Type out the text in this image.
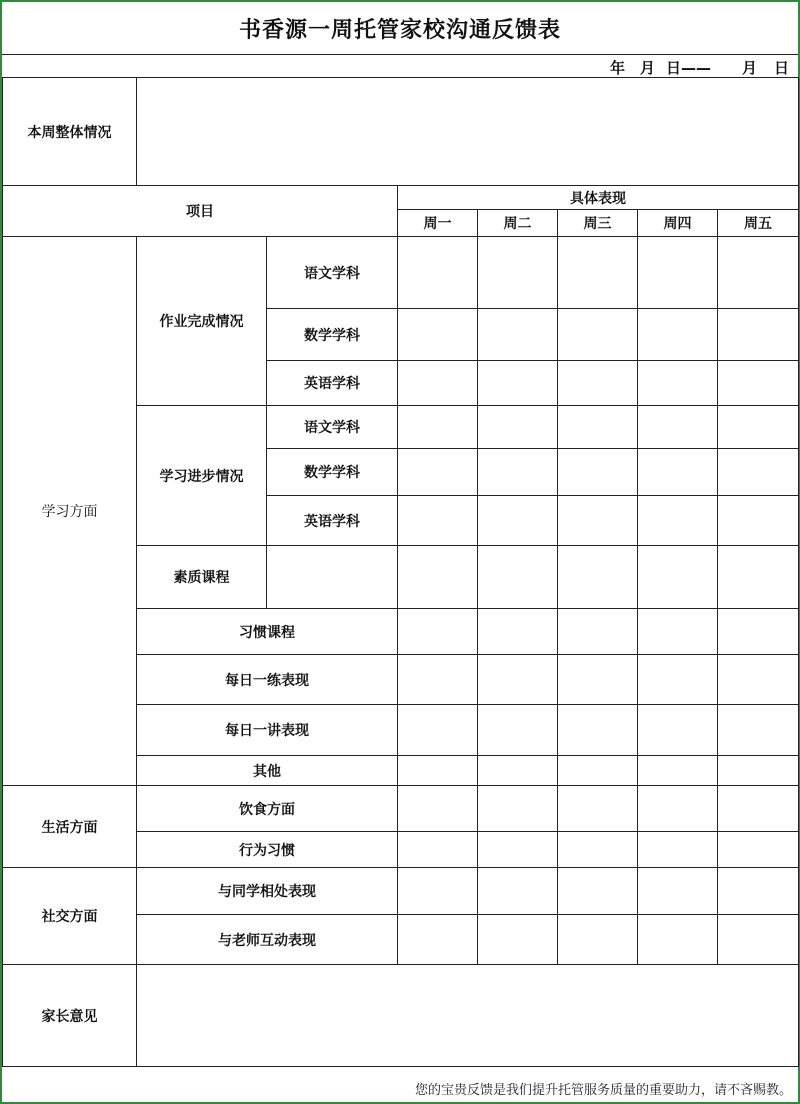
书香源一周托管家校沟通反馈表
年 月 日—— 月 日
本周整体情况							
项目			具体表现				
			周一	周二	周三	周四	周五
学习方面	作业完成情况	语文学科					
		数学学科					
		英语学科					
	学习进步情况	语文学科					
		数学学科					
		英语学科					
	素质课程						
	习惯课程						
	每日一练表现						
	每日一讲表现						
	其他						
生活方面	饮食方面						
	行为习惯						
社交方面	与同学相处表现						
	与老师互动表现						
家长意见							
您的宝贵反馈是我们提升托管服务质量的重要助力，请不吝赐教。
